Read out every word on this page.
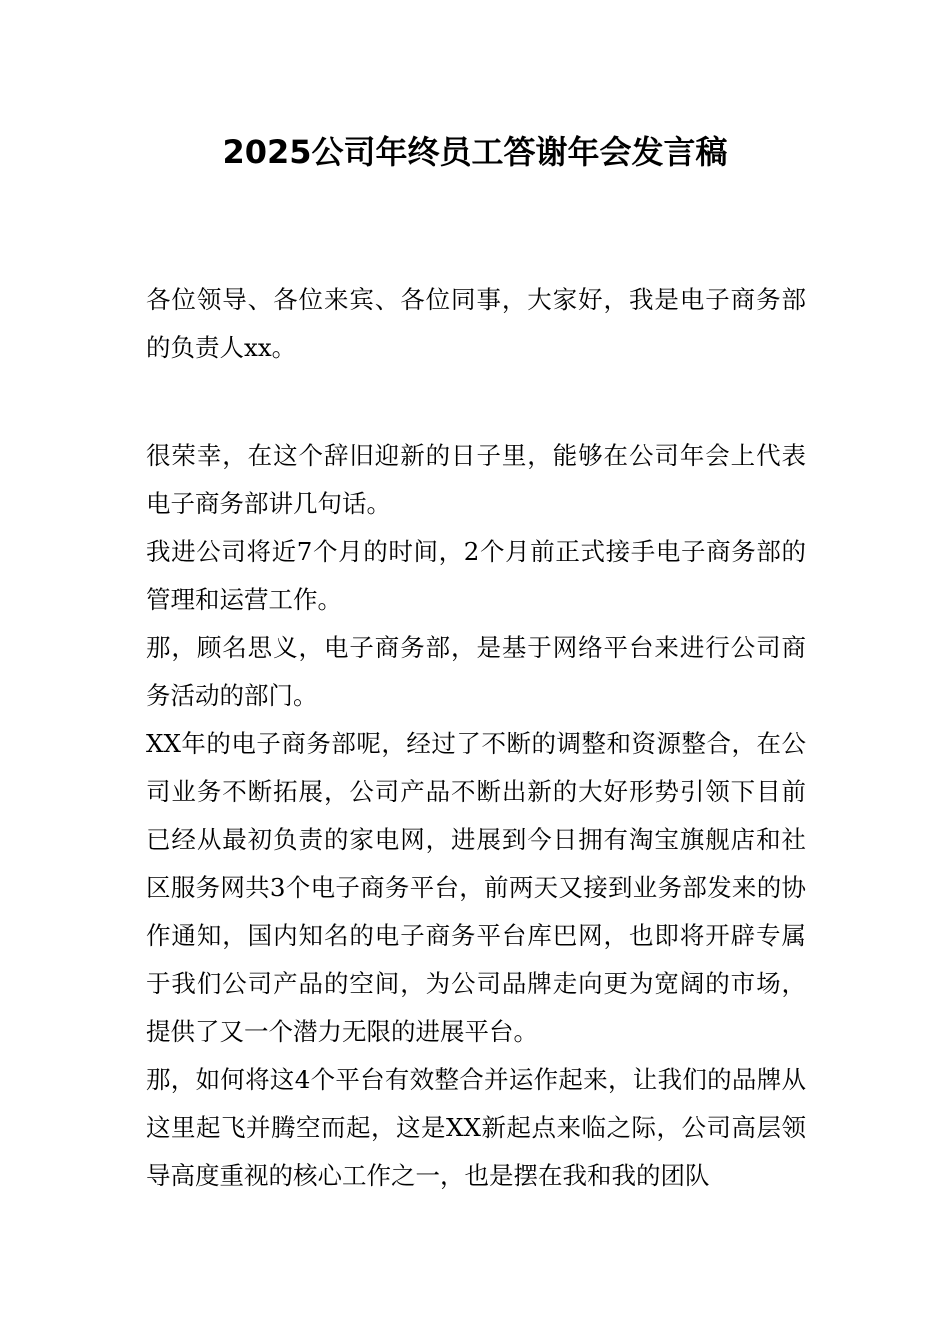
2025公司年终员工答谢年会发言稿

各位领导、各位来宾、各位同事，大家好，我是电子商务部的负责人xx。

很荣幸，在这个辞旧迎新的日子里，能够在公司年会上代表电子商务部讲几句话。

我进公司将近7个月的时间，2个月前正式接手电子商务部的管理和运营工作。

那，顾名思义，电子商务部，是基于网络平台来进行公司商务活动的部门。

XX年的电子商务部呢，经过了不断的调整和资源整合，在公司业务不断拓展，公司产品不断出新的大好形势引领下目前已经从最初负责的家电网，进展到今日拥有淘宝旗舰店和社区服务网共3个电子商务平台，前两天又接到业务部发来的协作通知，国内知名的电子商务平台库巴网，也即将开辟专属于我们公司产品的空间，为公司品牌走向更为宽阔的市场，提供了又一个潜力无限的进展平台。

那，如何将这4个平台有效整合并运作起来，让我们的品牌从这里起飞并腾空而起，这是XX新起点来临之际，公司高层领导高度重视的核心工作之一，也是摆在我和我的团队
